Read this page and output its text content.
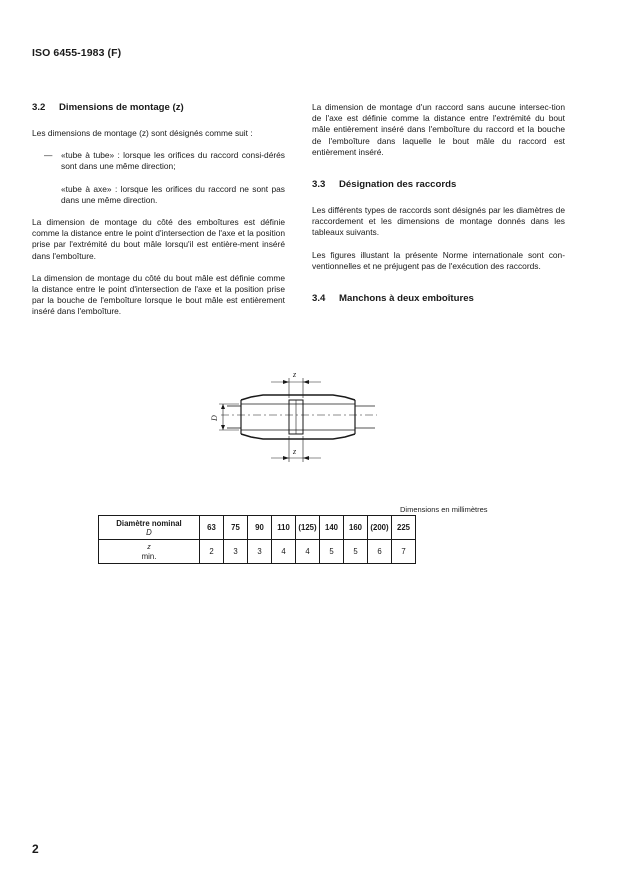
ISO 6455-1983 (F)
3.2	Dimensions de montage (z)

Les dimensions de montage (z) sont désignés comme suit :

—	«tube à tube» : lorsque les orifices du raccord consi-dérés sont dans une même direction;

«tube à axe» : lorsque les orifices du raccord ne sont pas dans une même direction.

La dimension de montage du côté des emboîtures est définie comme la distance entre le point d'intersection de l'axe et la position prise par l'extrémité du bout mâle lorsqu'il est entière-ment inséré dans l'emboîture.

La dimension de montage du côté du bout mâle est définie comme la distance entre le point d'intersection de l'axe et la position prise par la bouche de l'emboîture lorsque le bout mâle est entièrement inséré dans l'emboîture.

La dimension de montage d'un raccord sans aucune intersec-tion de l'axe est définie comme la distance entre l'extrémité du bout mâle entièrement inséré dans l'emboîture du raccord et la bouche de l'emboîture dans laquelle le bout mâle du raccord est entièrement inséré.

3.3	Désignation des raccords

Les différents types de raccords sont désignés par les diamètres de raccordement et les dimensions de montage donnés dans les tableaux suivants.

Les figures illustant la présente Norme internationale sont con-ventionnelles et ne préjugent pas de l'exécution des raccords.

3.4	Manchons à deux emboîtures
z
z
D
Dimensions en millimètres
Diamètre nominal
D	63	75	90	110	(125)	140	160	(200)	225

z
min.	2	3	3	4	4	5	5	6	7
2
